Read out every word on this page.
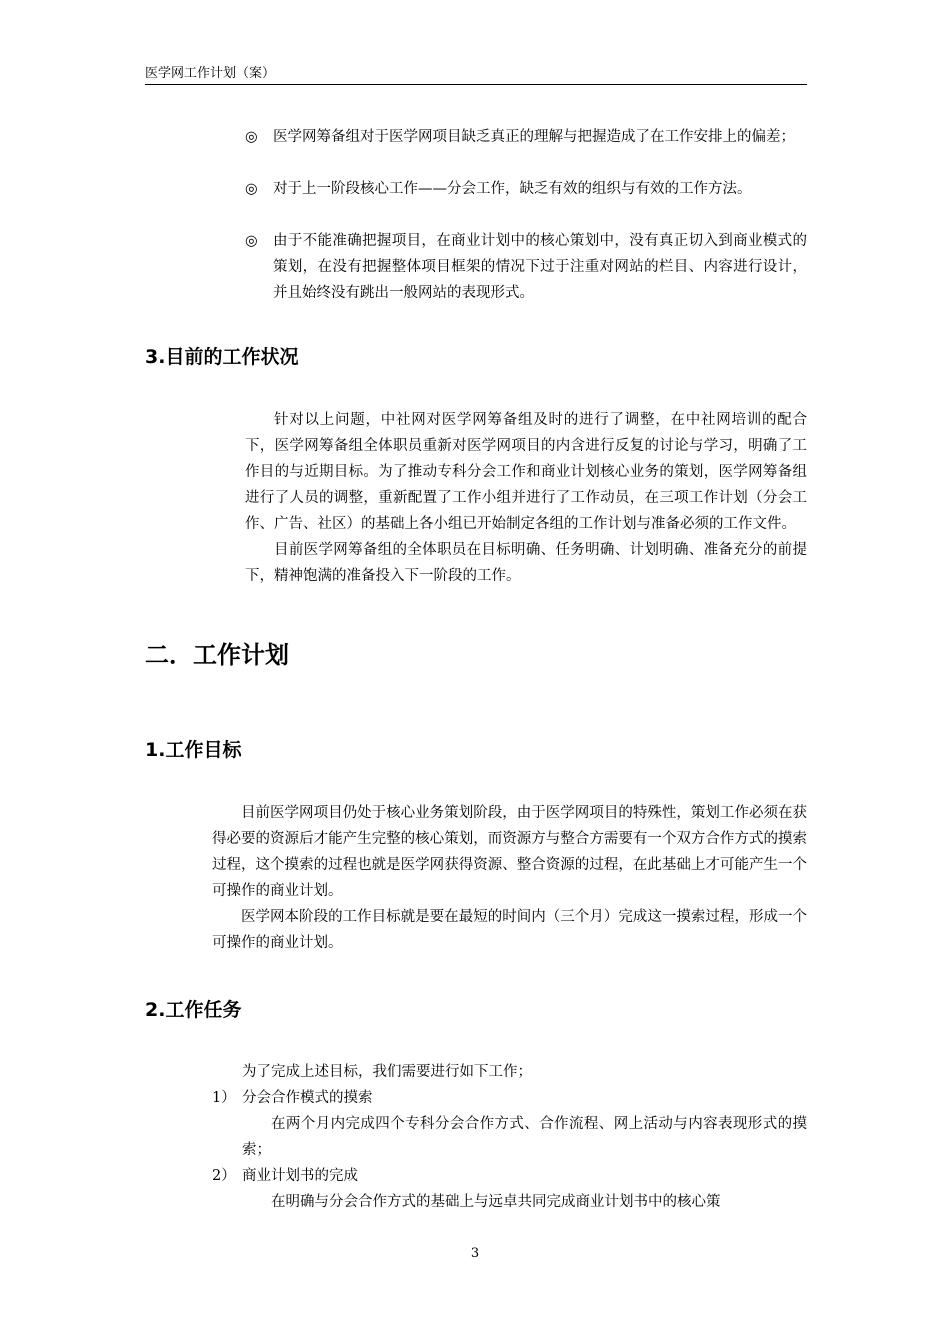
医学网工作计划（案）
◎	医学网筹备组对于医学网项目缺乏真正的理解与把握造成了在工作安排上的偏差；
◎	对于上一阶段核心工作——分会工作，缺乏有效的组织与有效的工作方法。
◎	由于不能准确把握项目，在商业计划中的核心策划中，没有真正切入到商业模式的策划，在没有把握整体项目框架的情况下过于注重对网站的栏目、内容进行设计，并且始终没有跳出一般网站的表现形式。
3.目前的工作状况

针对以上问题，中社网对医学网筹备组及时的进行了调整，在中社网培训的配合下，医学网筹备组全体职员重新对医学网项目的内含进行反复的讨论与学习，明确了工作目的与近期目标。为了推动专科分会工作和商业计划核心业务的策划，医学网筹备组进行了人员的调整，重新配置了工作小组并进行了工作动员，在三项工作计划（分会工作、广告、社区）的基础上各小组已开始制定各组的工作计划与准备必须的工作文件。

目前医学网筹备组的全体职员在目标明确、任务明确、计划明确、准备充分的前提下，精神饱满的准备投入下一阶段的工作。

二．工作计划
1.工作目标

目前医学网项目仍处于核心业务策划阶段，由于医学网项目的特殊性，策划工作必须在获得必要的资源后才能产生完整的核心策划，而资源方与整合方需要有一个双方合作方式的摸索过程，这个摸索的过程也就是医学网获得资源、整合资源的过程，在此基础上才可能产生一个可操作的商业计划。

医学网本阶段的工作目标就是要在最短的时间内（三个月）完成这一摸索过程，形成一个可操作的商业计划。

2.工作任务
为了完成上述目标，我们需要进行如下工作；
1） 分会合作模式的摸索
在两个月内完成四个专科分会合作方式、合作流程、网上活动与内容表现形式的摸索；
2） 商业计划书的完成
在明确与分会合作方式的基础上与远卓共同完成商业计划书中的核心策
3
